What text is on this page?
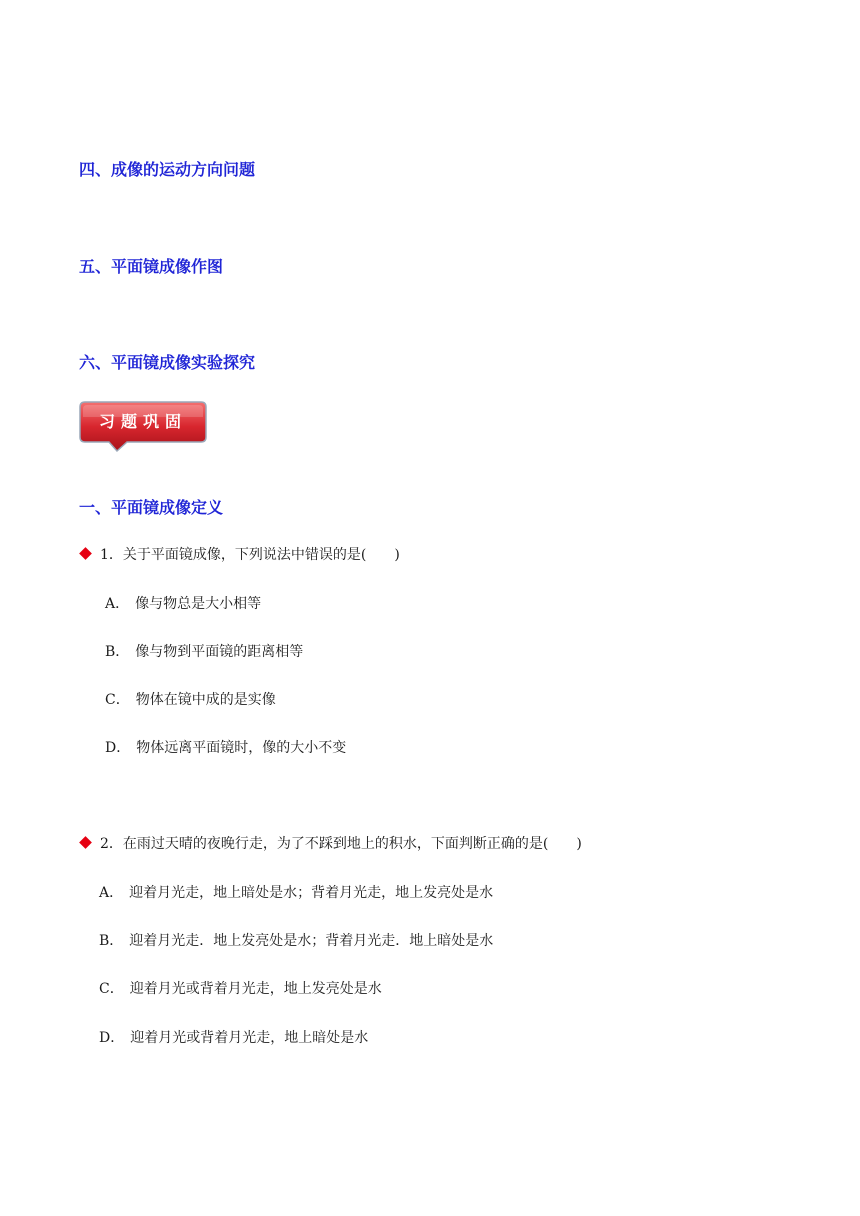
四、成像的运动方向问题
五、平面镜成像作图
六、平面镜成像实验探究
习题巩固
一、平面镜成像定义
1．关于平面镜成像，下列说法中错误的是(　　)
A． 像与物总是大小相等
B． 像与物到平面镜的距离相等
C． 物体在镜中成的是实像
D． 物体远离平面镜时，像的大小不变
2．在雨过天晴的夜晚行走，为了不踩到地上的积水，下面判断正确的是(　　)
A． 迎着月光走，地上暗处是水；背着月光走，地上发亮处是水
B． 迎着月光走．地上发亮处是水；背着月光走．地上暗处是水
C． 迎着月光或背着月光走，地上发亮处是水
D． 迎着月光或背着月光走，地上暗处是水
